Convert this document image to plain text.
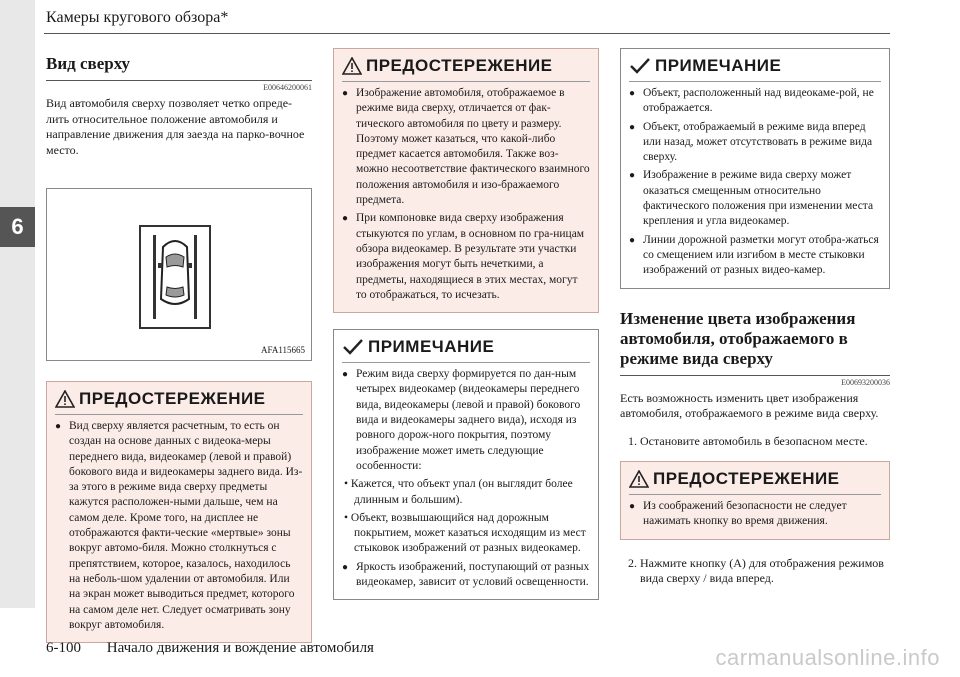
6
Камеры кругового обзора*
Вид сверху
E00646200061

Вид автомобиля сверху позволяет четко опреде-лить относительное положение автомобиля и направление движения для заезда на парко-вочное место.

AFA115665
ПРЕДОСТЕРЕЖЕНИЕ

● Вид сверху является расчетным, то есть он создан на основе данных с видеока-меры переднего вида, видеокамер (левой и правой) бокового вида и видеокамеры заднего вида. Из-за этого в режиме вида сверху предметы кажутся расположен-ными дальше, чем на самом деле. Кроме того, на дисплее не отображаются факти-ческие «мертвые» зоны вокруг автомо-биля. Можно столкнуться с препятствием, которое, казалось, находилось на неболь-шом удалении от автомобиля. Или на экран может выводиться предмет, которого на самом деле нет. Следует осматривать зону вокруг автомобиля.

ПРЕДОСТЕРЕЖЕНИЕ

● Изображение автомобиля, отображаемое в режиме вида сверху, отличается от фак-тического автомобиля по цвету и размеру. Поэтому может казаться, что какой-либо предмет касается автомобиля. Также воз-можно несоответствие фактического взаимного положения автомобиля и изо-бражаемого предмета.

● При компоновке вида сверху изображения стыкуются по углам, в основном по гра-ницам обзора видеокамер. В результате эти участки изображения могут быть нечеткими, а предметы, находящиеся в этих местах, могут то отображаться, то исчезать.

ПРИМЕЧАНИЕ

● Режим вида сверху формируется по дан-ным четырех видеокамер (видеокамеры переднего вида, видеокамеры (левой и правой) бокового вида и видеокамеры заднего вида), исходя из ровного дорож-ного покрытия, поэтому изображение может иметь следующие особенности:

• Кажется, что объект упал (он выглядит более длинным и большим).

• Объект, возвышающийся над дорожным покрытием, может казаться исходящим из мест стыковок изображений от разных видеокамер.

● Яркость изображений, поступающий от разных видеокамер, зависит от условий освещенности.

ПРИМЕЧАНИЕ

● Объект, расположенный над видеокаме-рой, не отображается.

● Объект, отображаемый в режиме вида вперед или назад, может отсутствовать в режиме вида сверху.

● Изображение в режиме вида сверху может оказаться смещенным относительно фактического положения при изменении места крепления и угла видеокамер.

● Линии дорожной разметки могут отобра-жаться со смещением или изгибом в месте стыковки изображений от разных видео-камер.

Изменение цвета изображения автомобиля, отображаемого в режиме вида сверху
E00693200036

Есть возможность изменить цвет изображения автомобиля, отображаемого в режиме вида сверху.

1. Остановите автомобиль в безопасном месте.

ПРЕДОСТЕРЕЖЕНИЕ

● Из соображений безопасности не следует нажимать кнопку во время движения.

2. Нажмите кнопку (A) для отображения режимов вида сверху / вида вперед.

6-100 Начало движения и вождение автомобиля	carmanualsonline.info
